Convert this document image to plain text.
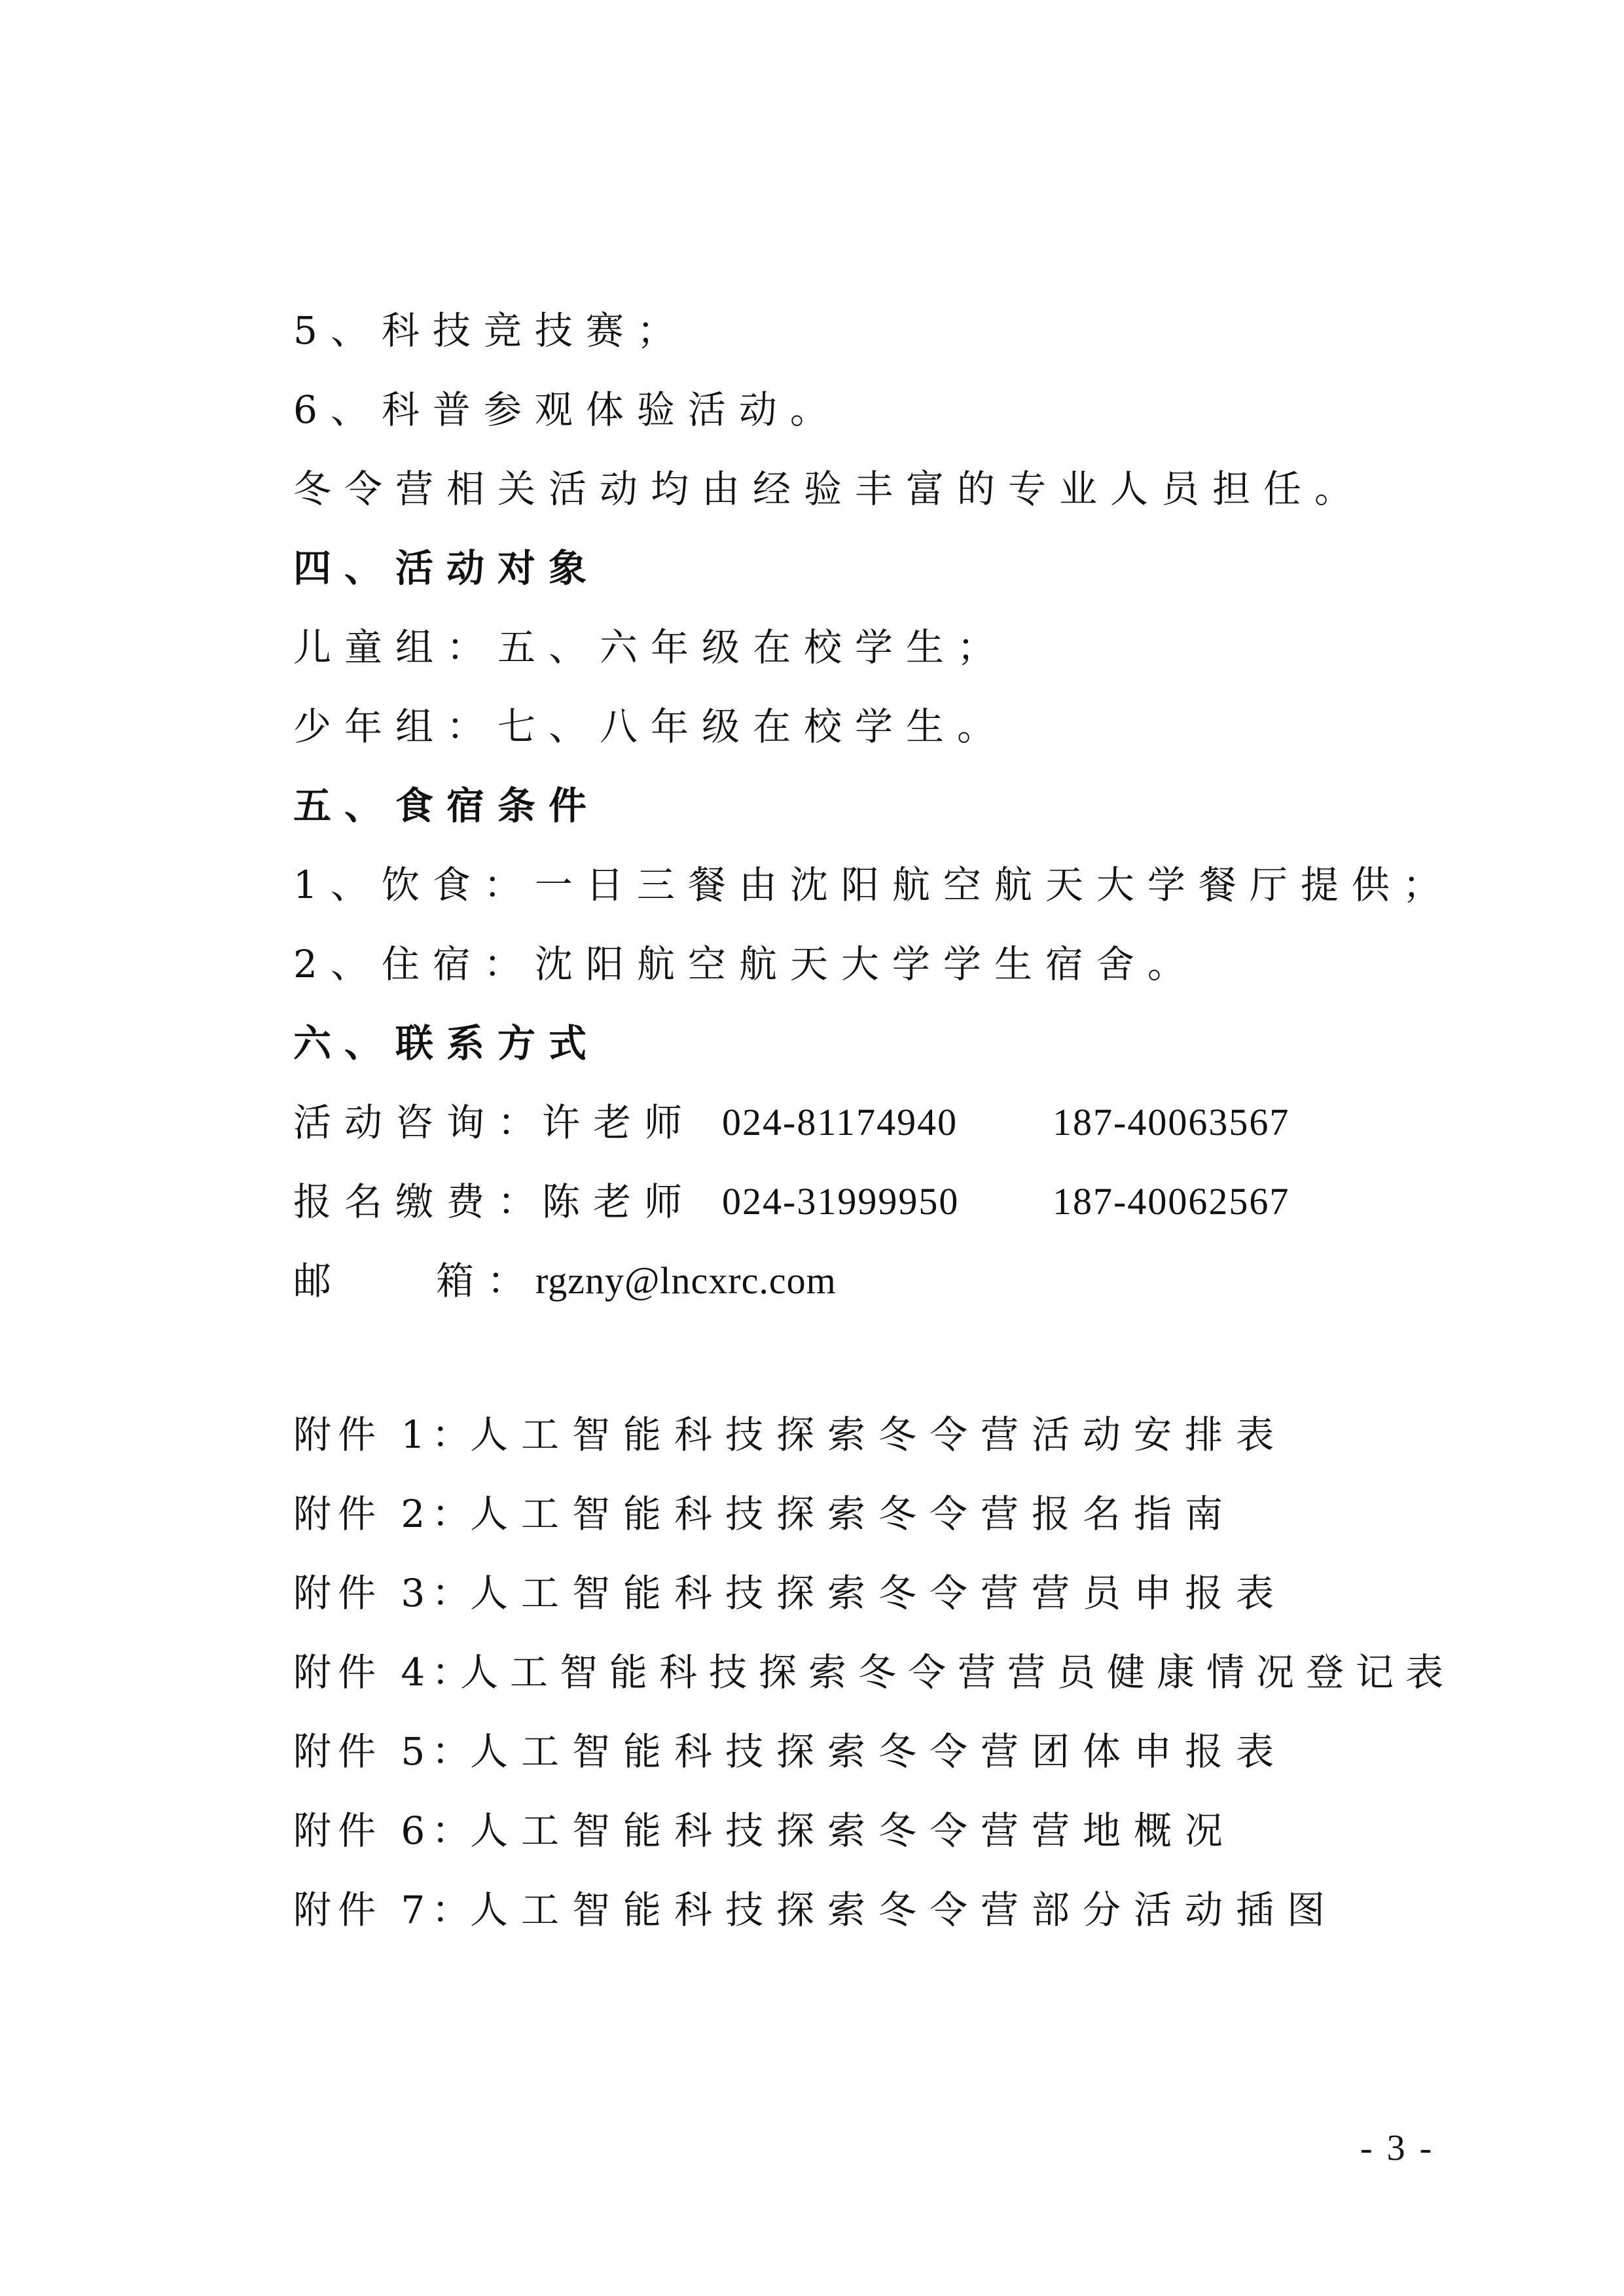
5、科技竞技赛；
6、科普参观体验活动。
冬令营相关活动均由经验丰富的专业人员担任。
四、活动对象
儿童组：五、六年级在校学生；
少年组：七、八年级在校学生。
五、食宿条件
1、饮食：一日三餐由沈阳航空航天大学餐厅提供；
2、住宿：沈阳航空航天大学学生宿舍。
六、联系方式

活动咨询：

许老师

024-81174940

187-40063567

报名缴费：

陈老师

024-31999950

187-40062567

邮

箱：

rgzny@lncxrc.com

附件 1：

人工智能科技探索冬令营活动安排表

附件 2：

人工智能科技探索冬令营报名指南

附件 3：

人工智能科技探索冬令营营员申报表

附件 4：

人工智能科技探索冬令营营员健康情况登记表

附件 5：

人工智能科技探索冬令营团体申报表

附件 6：

人工智能科技探索冬令营营地概况

附件 7：

人工智能科技探索冬令营部分活动插图

- 3 -
